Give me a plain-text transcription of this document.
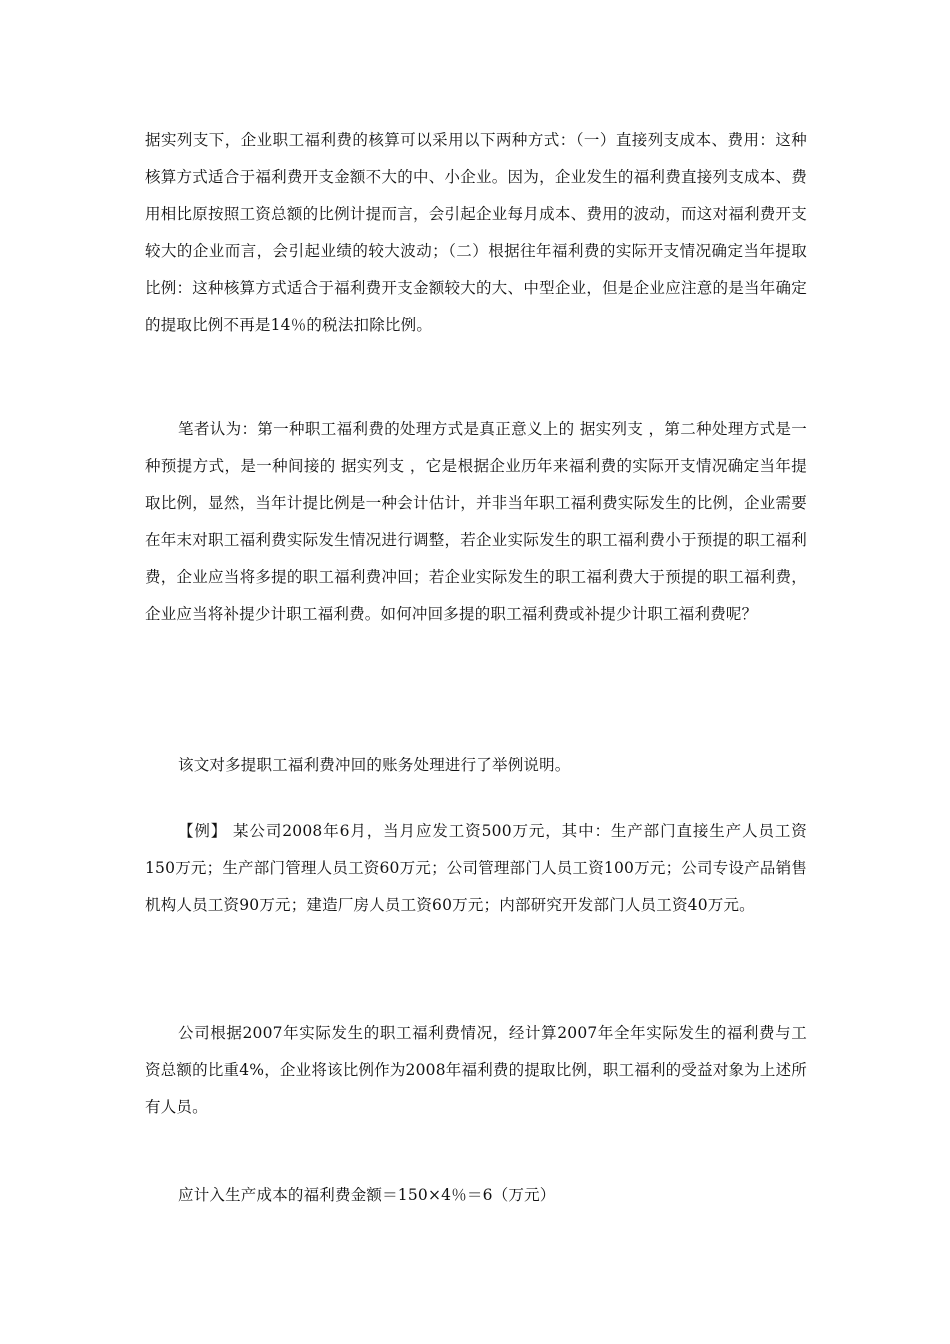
据实列支下，企业职工福利费的核算可以采用以下两种方式：（一）直接列支成本、费用：这种核算方式适合于福利费开支金额不大的中、小企业。因为，企业发生的福利费直接列支成本、费用相比原按照工资总额的比例计提而言，会引起企业每月成本、费用的波动，而这对福利费开支较大的企业而言，会引起业绩的较大波动；（二）根据往年福利费的实际开支情况确定当年提取比例：这种核算方式适合于福利费开支金额较大的大、中型企业，但是企业应注意的是当年确定的提取比例不再是14％的税法扣除比例。

笔者认为：第一种职工福利费的处理方式是真正意义上的 据实列支 ，第二种处理方式是一种预提方式，是一种间接的 据实列支 ，它是根据企业历年来福利费的实际开支情况确定当年提取比例，显然，当年计提比例是一种会计估计，并非当年职工福利费实际发生的比例，企业需要在年末对职工福利费实际发生情况进行调整，若企业实际发生的职工福利费小于预提的职工福利费，企业应当将多提的职工福利费冲回；若企业实际发生的职工福利费大于预提的职工福利费，企业应当将补提少计职工福利费。如何冲回多提的职工福利费或补提少计职工福利费呢？

该文对多提职工福利费冲回的账务处理进行了举例说明。

【例】 某公司2008年6月，当月应发工资500万元，其中：生产部门直接生产人员工资150万元；生产部门管理人员工资60万元；公司管理部门人员工资100万元；公司专设产品销售机构人员工资90万元；建造厂房人员工资60万元；内部研究开发部门人员工资40万元。

公司根据2007年实际发生的职工福利费情况，经计算2007年全年实际发生的福利费与工资总额的比重4%，企业将该比例作为2008年福利费的提取比例，职工福利的受益对象为上述所有人员。

应计入生产成本的福利费金额＝150×4％＝6（万元）
